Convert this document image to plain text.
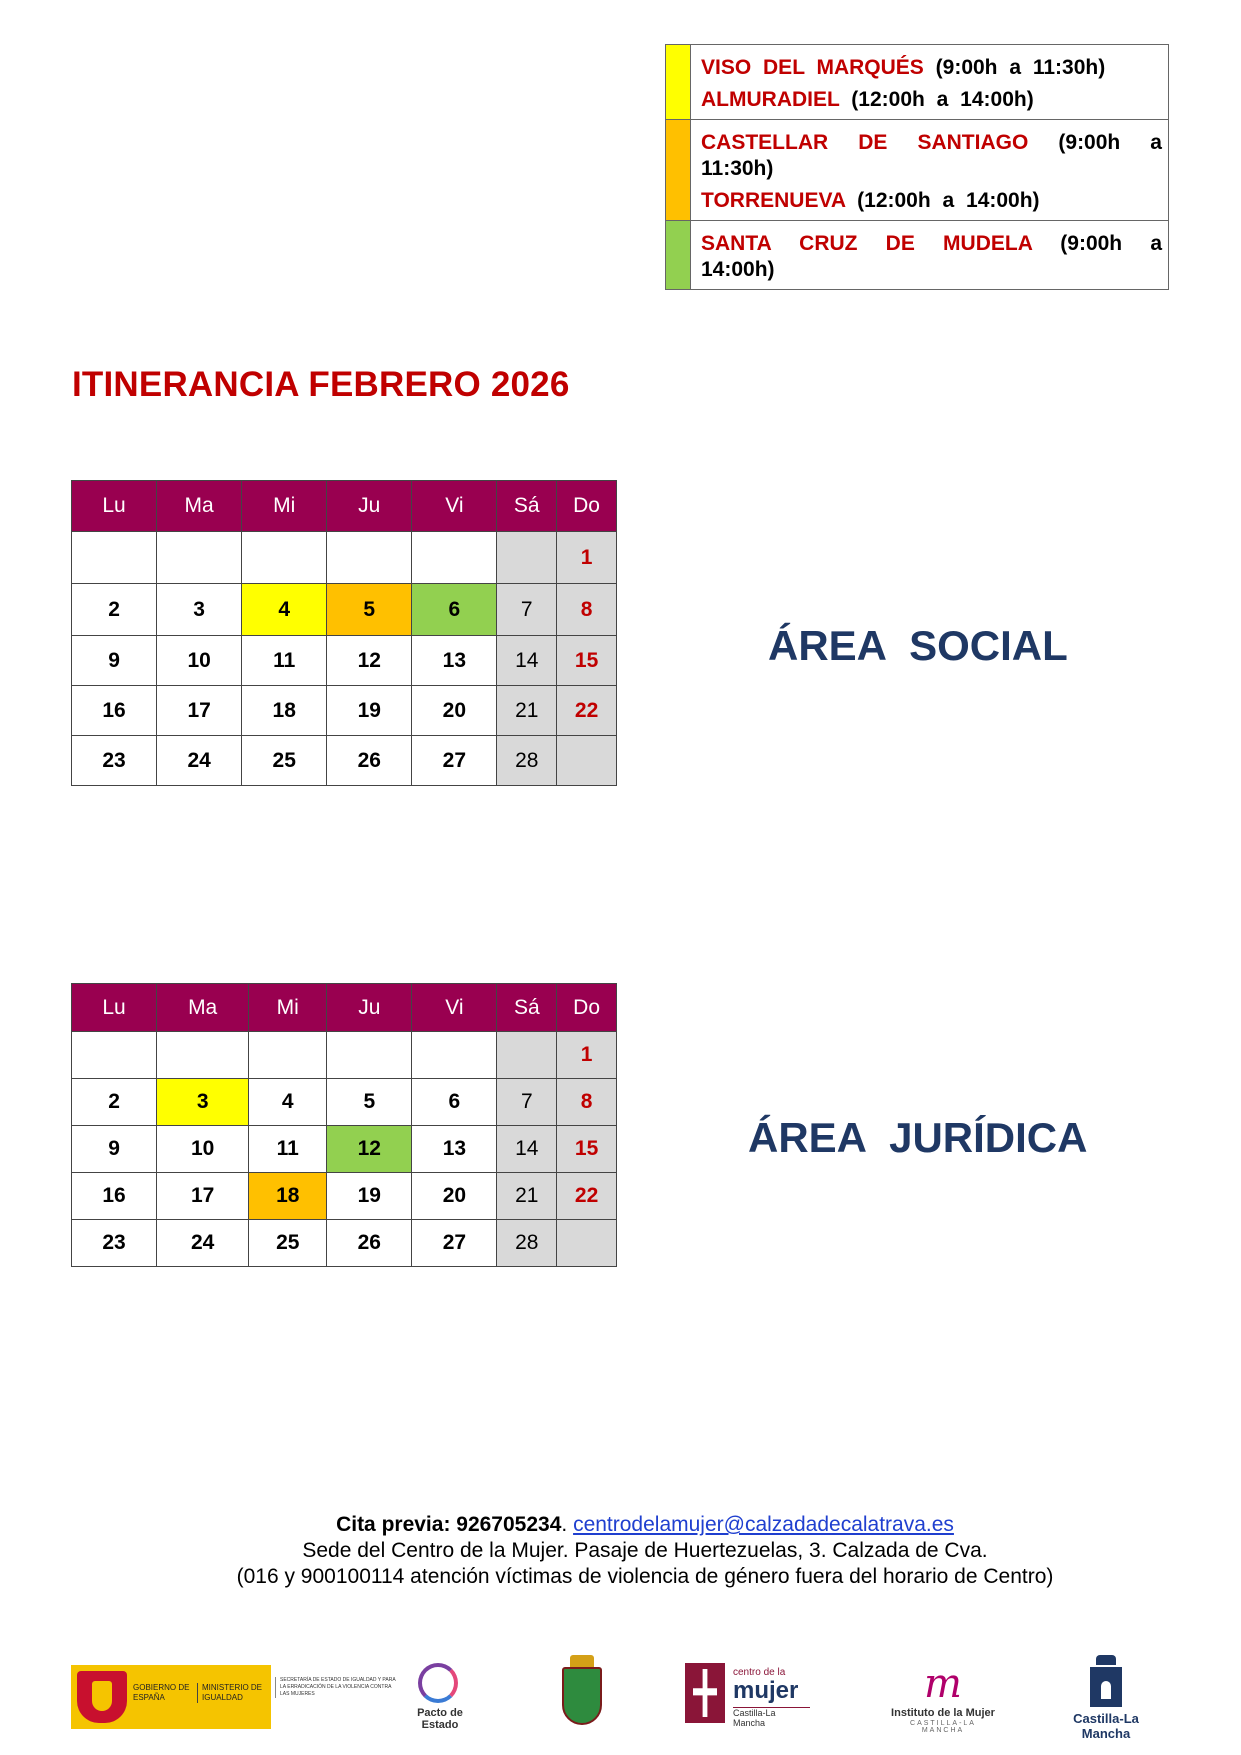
	VISO DEL MARQUÉS (9:00h a 11:30h)
ALMURADIEL (12:00h a 14:00h)

	CASTELLAR DE SANTIAGO (9:00h a 11:30h)
TORRENUEVA (12:00h a 14:00h)

	SANTA CRUZ DE MUDELA (9:00h a 14:00h)
ITINERANCIA FEBRERO 2026
Lu	Ma	Mi	Ju	Vi	Sá	Do
						1
2	3	4	5	6	7	8
9	10	11	12	13	14	15
16	17	18	19	20	21	22
23	24	25	26	27	28	
ÁREA SOCIAL
Lu	Ma	Mi	Ju	Vi	Sá	Do
						1
2	3	4	5	6	7	8
9	10	11	12	13	14	15
16	17	18	19	20	21	22
23	24	25	26	27	28	
ÁREA JURÍDICA
Cita previa: 926705234. centrodelamujer@calzadadecalatrava.es
Sede del Centro de la Mujer. Pasaje de Huertezuelas, 3. Calzada de Cva.
(016 y 900100114 atención víctimas de violencia de género fuera del horario de Centro)
GOBIERNO DE ESPAÑA
MINISTERIO DE IGUALDAD
SECRETARÍA DE ESTADO DE IGUALDAD Y PARA LA ERRADICACIÓN DE LA VIOLENCIA CONTRA LAS MUJERES
Pacto de Estado
centro de la
mujer
Castilla-La Mancha
m
Instituto de la Mujer
CASTILLA-LA MANCHA
Castilla-La Mancha
